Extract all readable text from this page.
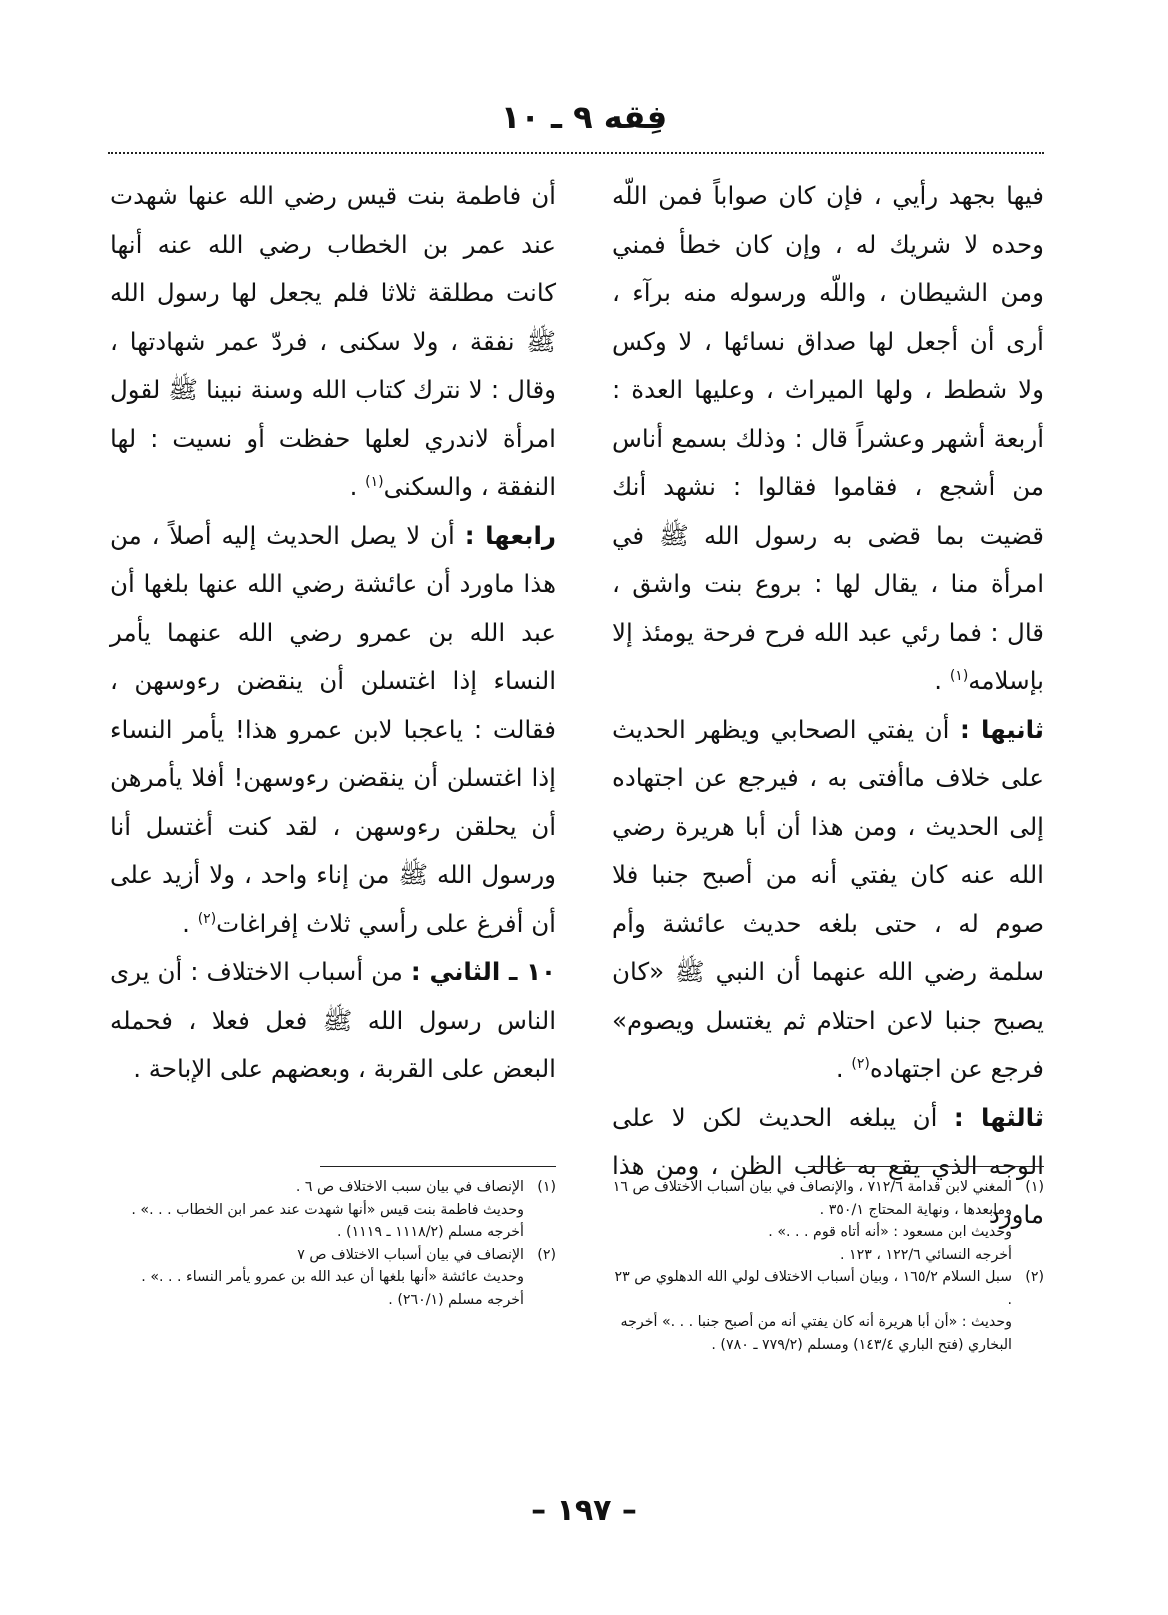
فِقه ٩ ـ ١٠

فيها بجهد رأيي ، فإن كان صواباً فمن اللّه وحده لا شريك له ، وإن كان خطأ فمني ومن الشيطان ، واللّه ورسوله منه برآء ، أرى أن أجعل لها صداق نسائها ، لا وكس ولا شطط ، ولها الميراث ، وعليها العدة : أربعة أشهر وعشراً قال : وذلك بسمع أناس من أشجع ، فقاموا فقالوا : نشهد أنك قضيت بما قضى به رسول الله ﷺ في امرأة منا ، يقال لها : بروع بنت واشق ، قال : فما رئي عبد الله فرح فرحة يومئذ إلا بإسلامه$^{(١)}$ .

ثانيها : أن يفتي الصحابي ويظهر الحديث على خلاف ماأفتى به ، فيرجع عن اجتهاده إلى الحديث ، ومن هذا أن أبا هريرة رضي الله عنه كان يفتي أنه من أصبح جنبا فلا صوم له ، حتى بلغه حديث عائشة وأم سلمة رضي الله عنهما أن النبي ﷺ «كان يصبح جنبا لاعن احتلام ثم يغتسل ويصوم» فرجع عن اجتهاده$^{(٢)}$ .

ثالثها : أن يبلغه الحديث لكن لا على الوجه الذي يقع به غالب الظن ، ومن هذا ماورد

أن فاطمة بنت قيس رضي الله عنها شهدت عند عمر بن الخطاب رضي الله عنه أنها كانت مطلقة ثلاثا فلم يجعل لها رسول الله ﷺ نفقة ، ولا سكنى ، فردّ عمر شهادتها ، وقال : لا نترك كتاب الله وسنة نبينا ﷺ لقول امرأة لاندري لعلها حفظت أو نسيت : لها النفقة ، والسكنى$^{(١)}$ .

رابعها : أن لا يصل الحديث إليه أصلاً ، من هذا ماورد أن عائشة رضي الله عنها بلغها أن عبد الله بن عمرو رضي الله عنهما يأمر النساء إذا اغتسلن أن ينقضن رءوسهن ، فقالت : ياعجبا لابن عمرو هذا! يأمر النساء إذا اغتسلن أن ينقضن رءوسهن! أفلا يأمرهن أن يحلقن رءوسهن ، لقد كنت أغتسل أنا ورسول الله ﷺ من إناء واحد ، ولا أزيد على أن أفرغ على رأسي ثلاث إفراغات$^{(٢)}$ .

١٠ ـ الثاني : من أسباب الاختلاف : أن يرى الناس رسول الله ﷺ فعل فعلا ، فحمله البعض على القربة ، وبعضهم على الإباحة .

(١)
المغني لابن قدامة ٧١٢/٦ ، والإنصاف في بيان أسباب الاختلاف ص ١٦ ومابعدها ، ونهاية المحتاج ٣٥٠/١ .

وحديث ابن مسعود : «أنه أتاه قوم . . .» .

أخرجه النسائي ١٢٢/٦ ، ١٢٣ .

(٢)
سبل السلام ١٦٥/٢ ، وبيان أسباب الاختلاف لولي الله الدهلوي ص ٢٣ .

وحديث : «أن أبا هريرة أنه كان يفتي أنه من أصبح جنبا . . .» أخرجه البخاري (فتح الباري ١٤٣/٤) ومسلم (٧٧٩/٢ ـ ٧٨٠) .

(١)
الإنصاف في بيان سبب الاختلاف ص ٦ .

وحديث فاطمة بنت قيس «أنها شهدت عند عمر ابن الخطاب . . .» .

أخرجه مسلم (١١١٨/٢ ـ ١١١٩) .

(٢)
الإنصاف في بيان أسباب الاختلاف ص ٧

وحديث عائشة «أنها بلغها أن عبد الله بن عمرو يأمر النساء . . .» .

أخرجه مسلم (٢٦٠/١) .

– ١٩٧ –
